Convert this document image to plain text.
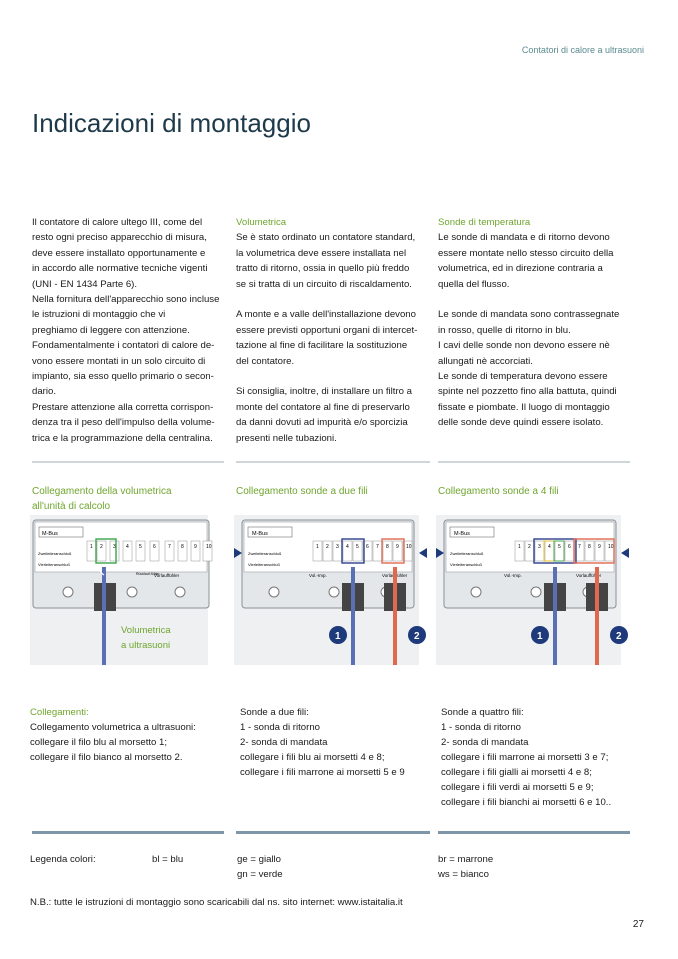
Contatori di calore a ultrasuoni
Indicazioni di montaggio
Il contatore di calore ultego III, come del
resto ogni preciso apparecchio di misura,
deve essere installato opportunamente e
in accordo alle normative tecniche vigenti
(UNI - EN 1434 Parte 6).
Nella fornitura dell'apparecchio sono incluse
le istruzioni di montaggio che vi
preghiamo di leggere con attenzione.
Fondamentalmente i contatori di calore de-
vono essere montati in un solo circuito di
impianto, sia esso quello primario o secon-
dario.
Prestare attenzione alla corretta corrispon-
denza tra il peso dell'impulso della volume-
trica e la programmazione della centralina.

Volumetrica

Se è stato ordinato un contatore standard,
la volumetrica deve essere installata nel
tratto di ritorno, ossia in quello più freddo
se si tratta di un circuito di riscaldamento.
A monte e a valle dell'installazione devono
essere previsti opportuni organi di intercet-
tazione al fine di facilitare la sostituzione
del contatore.
Si consiglia, inoltre, di installare un filtro a
monte del contatore al fine di preservarlo
da danni dovuti ad impurità e/o sporcizia
presenti nelle tubazioni.

Sonde di temperatura

Le sonde di mandata e di ritorno devono
essere montate nello stesso circuito della
volumetrica, ed in direzione contraria a
quella del flusso.
Le sonde di mandata sono contrassegnate
in rosso, quelle di ritorno in blu.
I cavi delle sonde non devono essere nè
allungati nè accorciati.
Le sonde di temperatura devono essere
spinte nel pozzetto fino alla battuta, quindi
fissate e piombate. Il luogo di montaggio
delle sonde deve quindi essere isolato.
Collegamento della volumetrica
all'unità di calcolo
Collegamento sonde a due fili	Collegamento sonde a 4 fili
M-Bus
Zweileiteranschluß
Vierleiteranschluß
1 2 3 4 5 6 7 8 9 10
Vorlauffühler
Rücklauf-fühler
Volumetrica
a ultrasuoni
M-Bus
Zweileiteranschluß
Vierleiteranschluß
1 2 3 4 5 6 7 8 9 10
Vol.-Imp.	Vorlauffühler
1	2
M-Bus
Zweileiteranschluß
Vierleiteranschluß
1 2 3 4 5 6 7 8 9 10
Vol.-Imp.	Vorlauffühler
1	2

Collegamenti:

Collegamento volumetrica a ultrasuoni:
collegare il filo blu al morsetto 1;
collegare il filo bianco al morsetto 2.

Sonde a due fili:

1 - sonda di ritorno
2- sonda di mandata
collegare i fili blu ai morsetti 4 e 8;
collegare i fili marrone ai morsetti 5 e 9

Sonde a quattro fili:

1 - sonda di ritorno
2- sonda di mandata
collegare i fili marrone ai morsetti 3 e 7;
collegare i fili gialli ai morsetti 4 e 8;
collegare i fili verdi ai morsetti 5 e 9;
collegare i fili bianchi ai morsetti 6 e 10..
Legenda colori:	bl = blu	ge = giallo

gn = verde

br = marrone

ws = bianco

N.B.: tutte le istruzioni di montaggio sono scaricabili dal ns. sito internet: www.istaitalia.it
27
